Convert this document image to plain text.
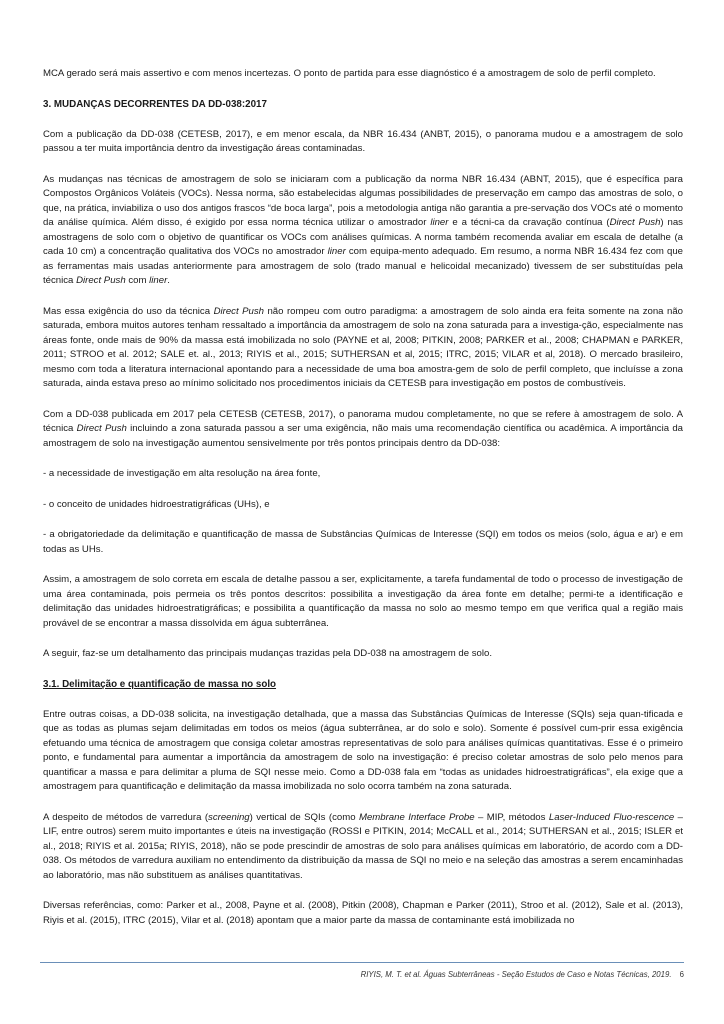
MCA gerado será mais assertivo e com menos incertezas. O ponto de partida para esse diagnóstico é a amostragem de solo de perfil completo.

3. MUDANÇAS DECORRENTES DA DD-038:2017

Com a publicação da DD-038 (CETESB, 2017), e em menor escala, da NBR 16.434 (ANBT, 2015), o panorama mudou e a amostragem de solo passou a ter muita importância dentro da investigação áreas contaminadas.

As mudanças nas técnicas de amostragem de solo se iniciaram com a publicação da norma NBR 16.434 (ABNT, 2015), que é específica para Compostos Orgânicos Voláteis (VOCs). Nessa norma, são estabelecidas algumas possibilidades de preservação em campo das amostras de solo, o que, na prática, inviabiliza o uso dos antigos frascos “de boca larga”, pois a metodologia antiga não garantia a pre-servação dos VOCs até o momento da análise química. Além disso, é exigido por essa norma técnica utilizar o amostrador liner e a técni-ca da cravação contínua (Direct Push) nas amostragens de solo com o objetivo de quantificar os VOCs com análises químicas. A norma também recomenda avaliar em escala de detalhe (a cada 10 cm) a concentração qualitativa dos VOCs no amostrador liner com equipa-mento adequado. Em resumo, a norma NBR 16.434 fez com que as ferramentas mais usadas anteriormente para amostragem de solo (trado manual e helicoidal mecanizado) tivessem de ser substituídas pela técnica Direct Push com liner.

Mas essa exigência do uso da técnica Direct Push não rompeu com outro paradigma: a amostragem de solo ainda era feita somente na zona não saturada, embora muitos autores tenham ressaltado a importância da amostragem de solo na zona saturada para a investiga-ção, especialmente nas áreas fonte, onde mais de 90% da massa está imobilizada no solo (PAYNE et al, 2008; PITKIN, 2008; PARKER et al., 2008; CHAPMAN e PARKER, 2011; STROO et al. 2012; SALE et. al., 2013; RIYIS et al., 2015; SUTHERSAN et al, 2015; ITRC, 2015; VILAR et al, 2018). O mercado brasileiro, mesmo com toda a literatura internacional apontando para a necessidade de uma boa amostra-gem de solo de perfil completo, que incluísse a zona saturada, ainda estava preso ao mínimo solicitado nos procedimentos iniciais da CETESB para investigação em postos de combustíveis.

Com a DD-038 publicada em 2017 pela CETESB (CETESB, 2017), o panorama mudou completamente, no que se refere à amostragem de solo. A técnica Direct Push incluindo a zona saturada passou a ser uma exigência, não mais uma recomendação científica ou acadêmica. A importância da amostragem de solo na investigação aumentou sensivelmente por três pontos principais dentro da DD-038:

- a necessidade de investigação em alta resolução na área fonte,

- o conceito de unidades hidroestratigráficas (UHs), e

- a obrigatoriedade da delimitação e quantificação de massa de Substâncias Químicas de Interesse (SQI) em todos os meios (solo, água e ar) e em todas as UHs.

Assim, a amostragem de solo correta em escala de detalhe passou a ser, explicitamente, a tarefa fundamental de todo o processo de investigação de uma área contaminada, pois permeia os três pontos descritos: possibilita a investigação da área fonte em detalhe; permi-te a identificação e delimitação das unidades hidroestratigráficas; e possibilita a quantificação da massa no solo ao mesmo tempo em que verifica qual a região mais provável de se encontrar a massa dissolvida em água subterrânea.

A seguir, faz-se um detalhamento das principais mudanças trazidas pela DD-038 na amostragem de solo.

3.1. Delimitação e quantificação de massa no solo

Entre outras coisas, a DD-038 solicita, na investigação detalhada, que a massa das Substâncias Químicas de Interesse (SQIs) seja quan-tificada e que as todas as plumas sejam delimitadas em todos os meios (água subterrânea, ar do solo e solo). Somente é possível cum-prir essa exigência efetuando uma técnica de amostragem que consiga coletar amostras representativas de solo para análises químicas quantitativas. Esse é o primeiro ponto, e fundamental para aumentar a importância da amostragem de solo na investigação: é preciso coletar amostras de solo pelo menos para quantificar a massa e para delimitar a pluma de SQI nesse meio. Como a DD-038 fala em “todas as unidades hidroestratigráficas”, ela exige que a amostragem para quantificação e delimitação da massa imobilizada no solo ocorra também na zona saturada.

A despeito de métodos de varredura (screening) vertical de SQIs (como Membrane Interface Probe – MIP, métodos Laser-Induced Fluo-rescence – LIF, entre outros) serem muito importantes e úteis na investigação (ROSSI e PITKIN, 2014; McCALL et al., 2014; SUTHERSAN et al., 2015; ISLER et al., 2018; RIYIS et al. 2015a; RIYIS, 2018), não se pode prescindir de amostras de solo para análises químicas em laboratório, de acordo com a DD-038. Os métodos de varredura auxiliam no entendimento da distribuição da massa de SQI no meio e na seleção das amostras a serem encaminhadas ao laboratório, mas não substituem as análises quantitativas.

Diversas referências, como: Parker et al., 2008, Payne et al. (2008), Pitkin (2008), Chapman e Parker (2011), Stroo et al. (2012), Sale et al. (2013), Riyis et al. (2015), ITRC (2015), Vilar et al. (2018) apontam que a maior parte da massa de contaminante está imobilizada no

RIYIS, M. T. et al. Águas Subterrâneas - Seção Estudos de Caso e Notas Técnicas, 2019. 6
